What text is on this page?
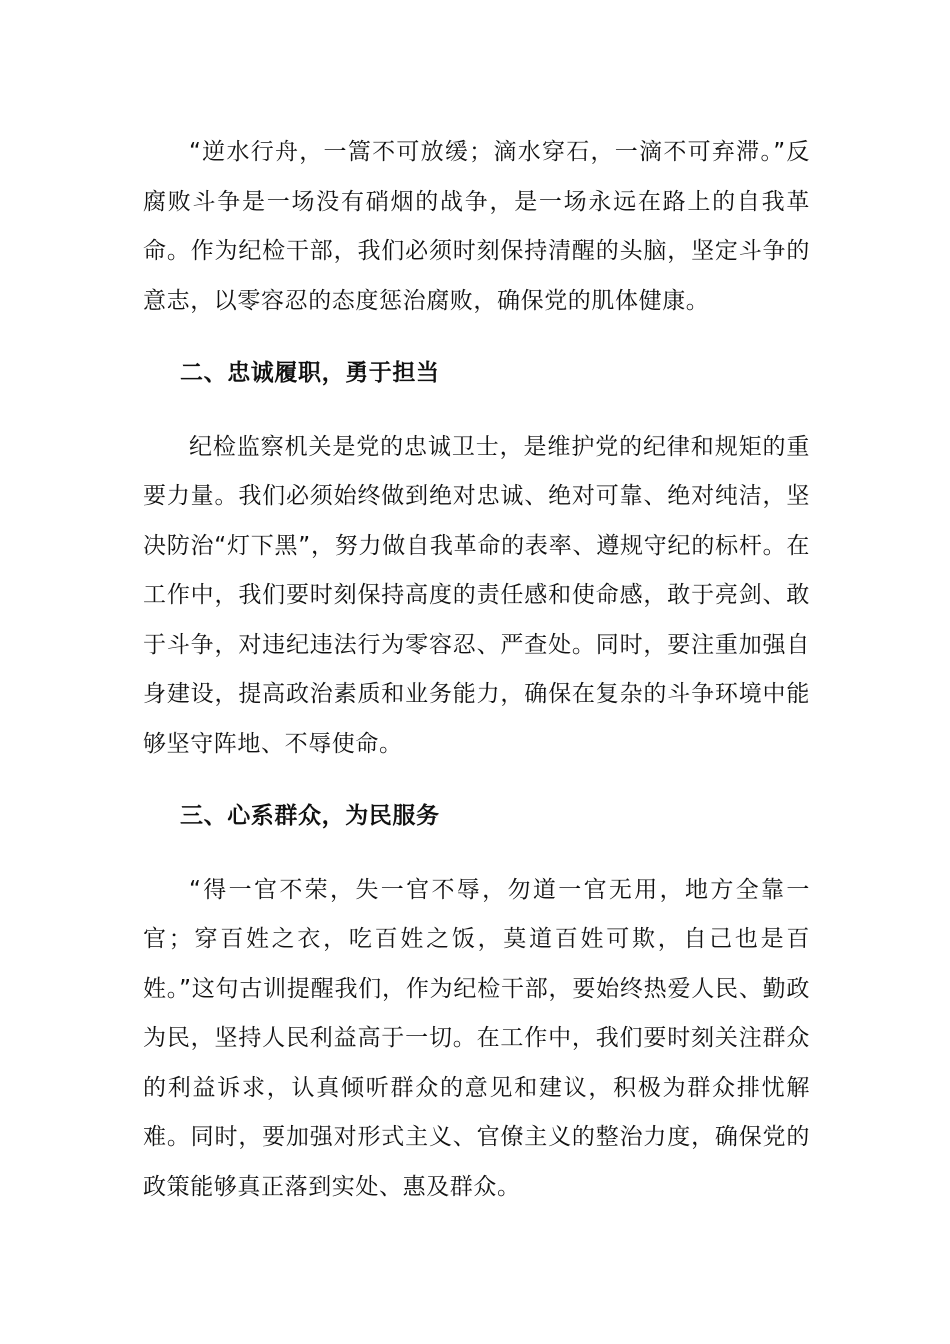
“逆水行舟，一篙不可放缓；滴水穿石，一滴不可弃滞。”反腐败斗争是一场没有硝烟的战争，是一场永远在路上的自我革命。作为纪检干部，我们必须时刻保持清醒的头脑，坚定斗争的意志，以零容忍的态度惩治腐败，确保党的肌体健康。

二、忠诚履职，勇于担当

纪检监察机关是党的忠诚卫士，是维护党的纪律和规矩的重要力量。我们必须始终做到绝对忠诚、绝对可靠、绝对纯洁，坚决防治“灯下黑”，努力做自我革命的表率、遵规守纪的标杆。在工作中，我们要时刻保持高度的责任感和使命感，敢于亮剑、敢于斗争，对违纪违法行为零容忍、严查处。同时，要注重加强自身建设，提高政治素质和业务能力，确保在复杂的斗争环境中能够坚守阵地、不辱使命。

三、心系群众，为民服务

“得一官不荣，失一官不辱，勿道一官无用，地方全靠一官；穿百姓之衣，吃百姓之饭，莫道百姓可欺，自己也是百姓。”这句古训提醒我们，作为纪检干部，要始终热爱人民、勤政为民，坚持人民利益高于一切。在工作中，我们要时刻关注群众的利益诉求，认真倾听群众的意见和建议，积极为群众排忧解难。同时，要加强对形式主义、官僚主义的整治力度，确保党的政策能够真正落到实处、惠及群众。
